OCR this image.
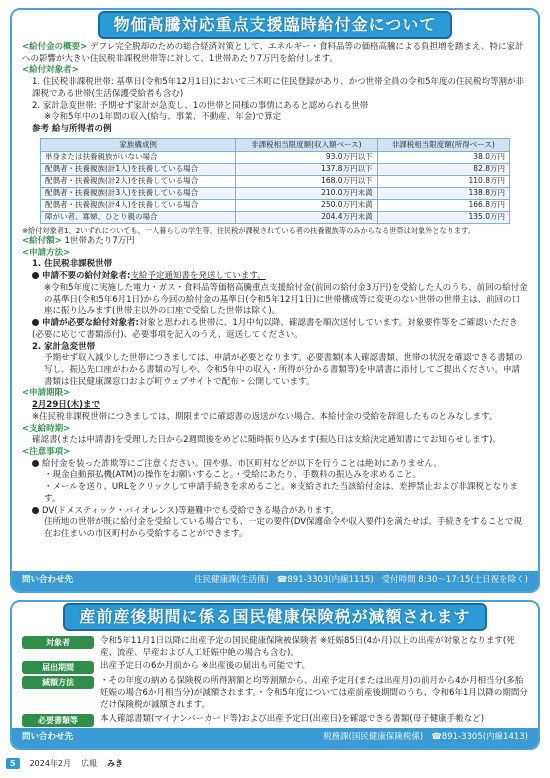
物価高騰対応重点支援臨時給付金について
<給付金の概要> デフレ完全脱却のための総合経済対策として、エネルギー・食料品等の価格高騰による負担増を踏まえ、特に家計への影響が大きい住民税非課税世帯等に対して、1世帯あたり7万円を給付します。
<給付対象者>
1. 住民税非課税世帯: 基準日(令和5年12月1日)において三木町に住民登録があり、かつ世帯全員の令和5年度の住民税均等割が非課税である世帯(生活保護受給者も含む)
2. 家計急変世帯: 予期せず家計が急変し、1の世帯と同様の事情にあると認められる世帯
※令和5年中の1年間の収入(給与、事業、不動産、年金)で算定
参考 給与所得者の例
家族構成例	非課税相当限度額(収入額ベース)	非課税相当限度額(所得ベース)
単身または扶養親族がいない場合	93.0万円以下	38.0万円
配偶者・扶養親族(計1人)を扶養している場合	137.8万円以下	82.8万円
配偶者・扶養親族(計2人)を扶養している場合	168.0万円以下	110.8万円
配偶者・扶養親族(計3人)を扶養している場合	210.0万円未満	138.8万円
配偶者・扶養親族(計4人)を扶養している場合	250.0万円未満	166.8万円
障がい者、寡婦、ひとり親の場合	204.4万円未満	135.0万円
※給付対象者1、2いずれについても、一人暮らしの学生等、住民税が課税されている者の扶養親族等のみからなる世帯は対象外となります。
<給付額> 1世帯あたり7万円
<申請方法>
1. 住民税非課税世帯
申請不要の給付対象者:支給予定通知書を発送しています。
※令和5年度に実施した電力・ガス・食料品等価格高騰重点支援給付金(前回の給付金3万円)を受給した人のうち、前回の給付金の基準日(令和5年6月1日)から今回の給付金の基準日(令和5年12月1日)に世帯構成等に変更のない世帯の世帯主は、前回の口座に振り込みます(世帯主以外の口座で受給した世帯は除く)。
申請が必要な給付対象者:対象と思われる世帯に、1月中旬以降、確認書を順次送付しています。対象要件等をご確認いただき(必要に応じて書類添付)、必要事項を記入のうえ、返送してください。
2. 家計急変世帯
予期せず収入減少した世帯につきましては、申請が必要となります。必要書類(本人確認書類、世帯の状況を確認できる書類の写し、振込先口座がわかる書類の写しや、令和5年中の収入・所得が分かる書類等)を申請書に添付してご提出ください。申請書類は住民健康課窓口および町ウェブサイトで配布・公開しています。
<申請期限>
2月29日(木)まで
※住民税非課税世帯につきましては、期限までに確認書の返送がない場合、本給付金の受給を辞退したものとみなします。
<支給時期>
確認書(または申請書)を受理した日から2週間後をめどに随時振り込みます(振込日は支給決定通知書にてお知らせします)。
<注意事項>
給付金を装った詐欺等にご注意ください。国や県、市区町村などが以下を行うことは絶対にありません。
・現金自動預払機(ATM)の操作をお願いすること。・受給にあたり、手数料の振込みを求めること。
・メールを送り、URLをクリックして申請手続きを求めること。※支給された当該給付金は、差押禁止および非課税となります。
DV(ドメスティック・バイオレンス)等避難中でも受給できる場合があります。
住所地の世帯が既に給付金を受給している場合でも、一定の要件(DV保護命令や収入要件)を満たせば、手続きをすることで現在お住まいの市区町村から受給することができます。
問い合わせ先	住民健康課(生活係) ☎891-3303(内線1115) 受付時間 8:30〜17:15(土日祝を除く)
産前産後期間に係る国民健康保険税が減額されます
対象者	令和5年11月1日以降に出産予定の国民健康保険被保険者 ※妊娠85日(4か月)以上の出産が対象となります(死産、流産、早産および人工妊娠中絶の場合も含む)。
届出期間	出産予定日の6か月前から ※出産後の届出も可能です。
減額方法	・その年度の納める保険税の所得割額と均等割額から、出産予定月(または出産月)の前月から4か月相当分(多胎妊娠の場合6か月相当分)が減額されます。・令和5年度については産前産後期間のうち、令和6年1月以降の期間分だけ保険税が減額されます。
必要書類等	本人確認書類(マイナンバーカード等)および出産予定日(出産日)を確認できる書類(母子健康手帳など)
問い合わせ先	税務課(国民健康保険税係) ☎891-3305(内線1413)
5	2024年2月 広報 みき
